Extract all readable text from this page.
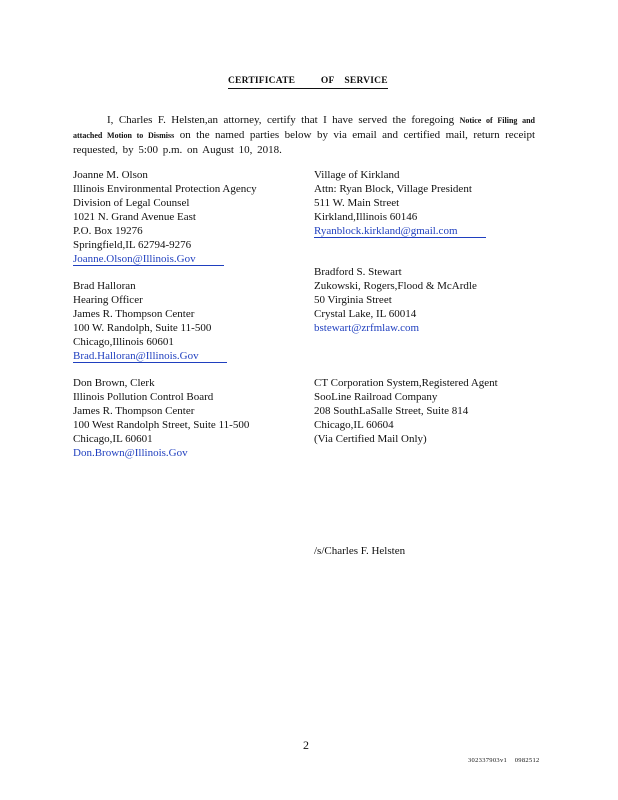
CERTIFICATE          OF    SERVICE
I, Charles F. Helsten,an attorney, certify that I have served the foregoing Notice of Filing and attached Motion to Dismiss on the named parties below by via email and certified mail, return receipt requested, by 5:00 p.m. on August 10, 2018.
Joanne M. Olson
Illinois Environmental Protection Agency
Division of Legal Counsel
1021 N. Grand Avenue East
P.O. Box 19276
Springfield,IL 62794-9276
Joanne.Olson@Illinois.Gov
Brad Halloran
Hearing Officer
James R. Thompson Center
100 W. Randolph, Suite 11-500
Chicago,Illinois 60601
Brad.Halloran@Illinois.Gov
Don Brown, Clerk
Illinois Pollution Control Board
James R. Thompson Center
100 West Randolph Street, Suite 11-500
Chicago,IL 60601
Don.Brown@Illinois.Gov
Village of Kirkland
Attn: Ryan Block, Village President
511 W. Main Street
Kirkland,Illinois 60146
Ryanblock.kirkland@gmail.com
Bradford S. Stewart
Zukowski, Rogers,Flood & McArdle
50 Virginia Street
Crystal Lake, IL 60014
bstewart@zrfmlaw.com
CT Corporation System,Registered Agent
SooLine Railroad Company
208 SouthLaSalle Street, Suite 814
Chicago,IL 60604
(Via Certified Mail Only)
/s/Charles F. Helsten
2
302337903v1    0982512
